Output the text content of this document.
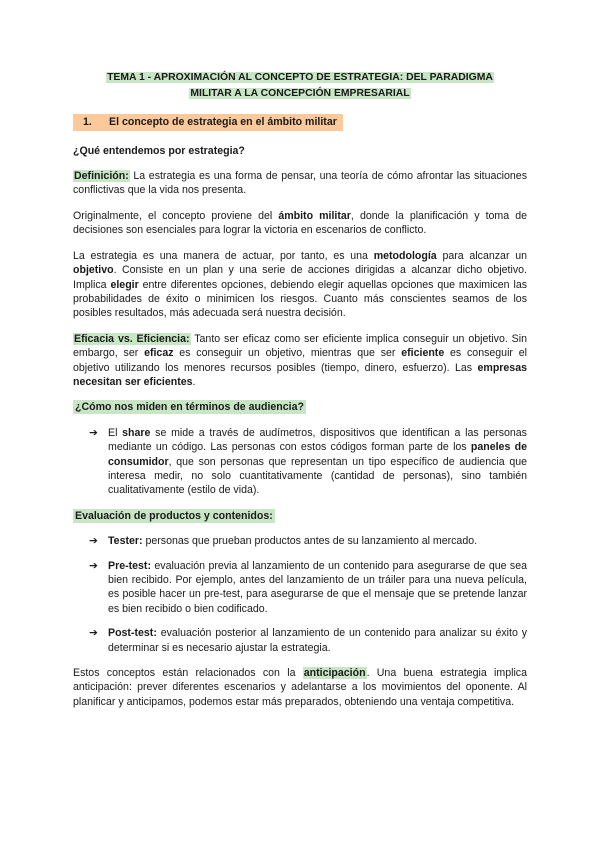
TEMA 1 - APROXIMACIÓN AL CONCEPTO DE ESTRATEGIA: DEL PARADIGMA
MILITAR A LA CONCEPCIÓN EMPRESARIAL
1. El concepto de estrategia en el ámbito militar
¿Qué entendemos por estrategia?

Definición: La estrategia es una forma de pensar, una teoría de cómo afrontar las situaciones conflictivas que la vida nos presenta.

Originalmente, el concepto proviene del ámbito militar, donde la planificación y toma de decisiones son esenciales para lograr la victoria en escenarios de conflicto.

La estrategia es una manera de actuar, por tanto, es una metodología para alcanzar un objetivo. Consiste en un plan y una serie de acciones dirigidas a alcanzar dicho objetivo. Implica elegir entre diferentes opciones, debiendo elegir aquellas opciones que maximicen las probabilidades de éxito o minimicen los riesgos. Cuanto más conscientes seamos de los posibles resultados, más adecuada será nuestra decisión.

Eficacia vs. Eficiencia: Tanto ser eficaz como ser eficiente implica conseguir un objetivo. Sin embargo, ser eficaz es conseguir un objetivo, mientras que ser eficiente es conseguir el objetivo utilizando los menores recursos posibles (tiempo, dinero, esfuerzo). Las empresas necesitan ser eficientes.

¿Cómo nos miden en términos de audiencia?
➔ El share se mide a través de audímetros, dispositivos que identifican a las personas mediante un código. Las personas con estos códigos forman parte de los paneles de consumidor, que son personas que representan un tipo específico de audiencia que interesa medir, no solo cuantitativamente (cantidad de personas), sino también cualitativamente (estilo de vida).
Evaluación de productos y contenidos:
➔ Tester: personas que prueban productos antes de su lanzamiento al mercado.
➔ Pre-test: evaluación previa al lanzamiento de un contenido para asegurarse de que sea bien recibido. Por ejemplo, antes del lanzamiento de un tráiler para una nueva película, es posible hacer un pre-test, para asegurarse de que el mensaje que se pretende lanzar es bien recibido o bien codificado.
➔ Post-test: evaluación posterior al lanzamiento de un contenido para analizar su éxito y determinar si es necesario ajustar la estrategia.

Estos conceptos están relacionados con la anticipación. Una buena estrategia implica anticipación: prever diferentes escenarios y adelantarse a los movimientos del oponente. Al planificar y anticipamos, podemos estar más preparados, obteniendo una ventaja competitiva.
